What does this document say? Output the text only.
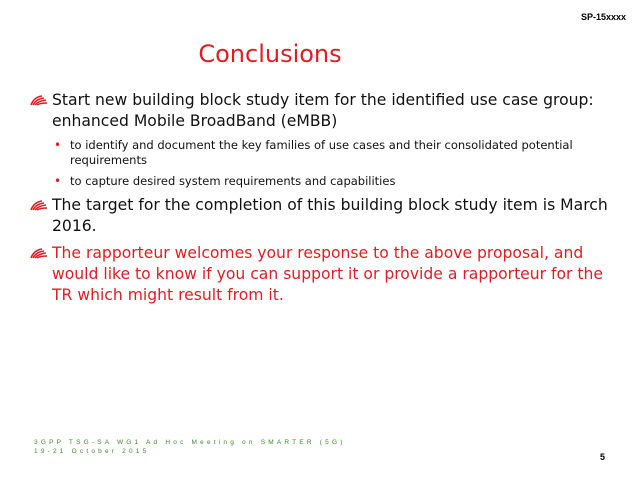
SP-15xxxx
Conclusions
Start new building block study item for the identified use case group: enhanced Mobile BroadBand (eMBB)
• to identify and document the key families of use cases and their consolidated potential requirements
• to capture desired system requirements and capabilities
The target for the completion of this building block study item is March 2016.
The rapporteur welcomes your response to the above proposal, and would like to know if you can support it or provide a rapporteur for the TR which might result from it.
3GPP TSG-SA WG1 Ad Hoc Meeting on SMARTER (5G)
19-21 October 2015
5
